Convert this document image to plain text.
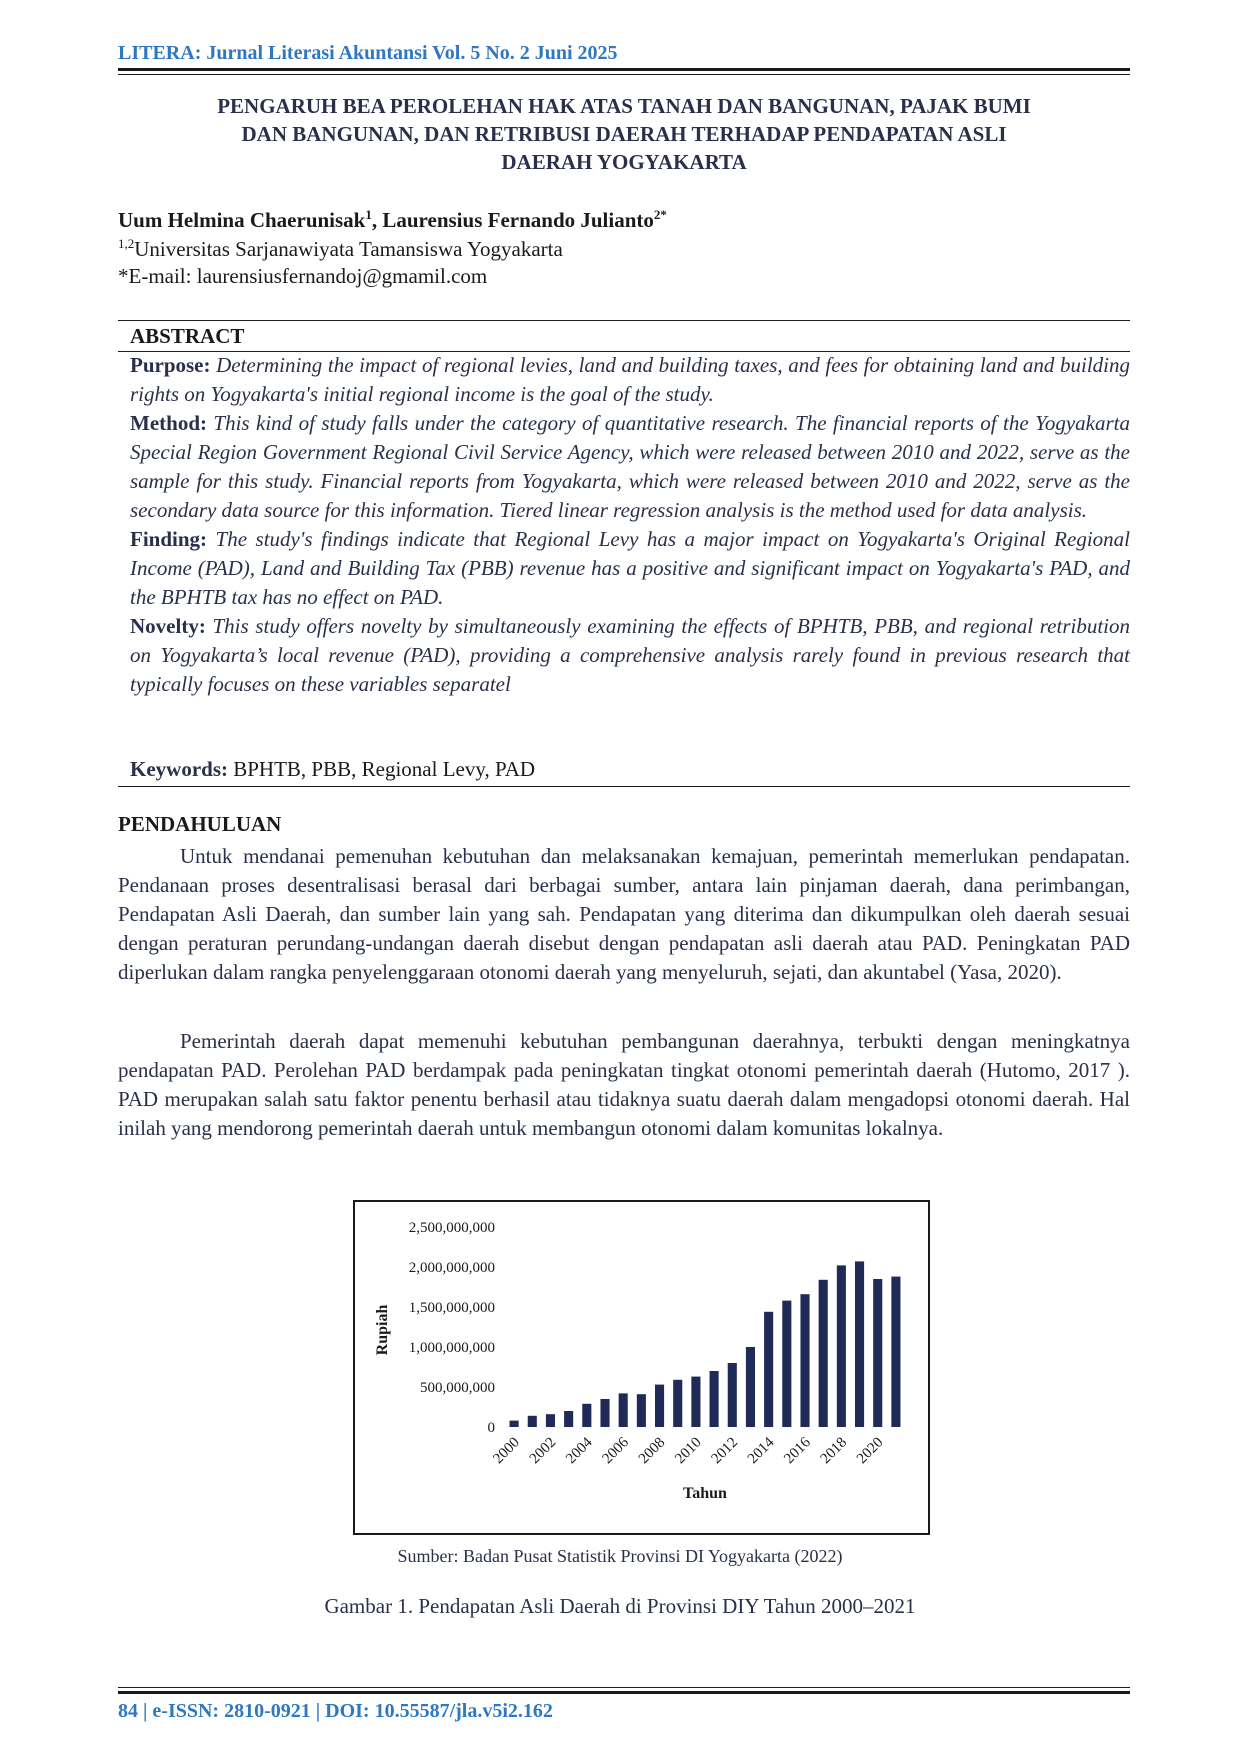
LITERA: Jurnal Literasi Akuntansi Vol. 5 No. 2 Juni 2025
PENGARUH BEA PEROLEHAN HAK ATAS TANAH DAN BANGUNAN, PAJAK BUMI
DAN BANGUNAN, DAN RETRIBUSI DAERAH TERHADAP PENDAPATAN ASLI
DAERAH YOGYAKARTA
Uum Helmina Chaerunisak$^1$, Laurensius Fernando Julianto$^{2*}$
$^{1,2}$Universitas Sarjanawiyata Tamansiswa Yogyakarta
*E-mail: laurensiusfernandoj@gmamil.com
ABSTRACT
Purpose: Determining the impact of regional levies, land and building taxes, and fees for obtaining land and building rights on Yogyakarta's initial regional income is the goal of the study.
Method: This kind of study falls under the category of quantitative research. The financial reports of the Yogyakarta Special Region Government Regional Civil Service Agency, which were released between 2010 and 2022, serve as the sample for this study. Financial reports from Yogyakarta, which were released between 2010 and 2022, serve as the secondary data source for this information. Tiered linear regression analysis is the method used for data analysis.
Finding: The study's findings indicate that Regional Levy has a major impact on Yogyakarta's Original Regional Income (PAD), Land and Building Tax (PBB) revenue has a positive and significant impact on Yogyakarta's PAD, and the BPHTB tax has no effect on PAD.
Novelty: This study offers novelty by simultaneously examining the effects of BPHTB, PBB, and regional retribution on Yogyakarta’s local revenue (PAD), providing a comprehensive analysis rarely found in previous research that typically focuses on these variables separatel
Keywords: BPHTB, PBB, Regional Levy, PAD
PENDAHULUAN
Untuk mendanai pemenuhan kebutuhan dan melaksanakan kemajuan, pemerintah memerlukan pendapatan. Pendanaan proses desentralisasi berasal dari berbagai sumber, antara lain pinjaman daerah, dana perimbangan, Pendapatan Asli Daerah, dan sumber lain yang sah. Pendapatan yang diterima dan dikumpulkan oleh daerah sesuai dengan peraturan perundang-undangan daerah disebut dengan pendapatan asli daerah atau PAD. Peningkatan PAD diperlukan dalam rangka penyelenggaraan otonomi daerah yang menyeluruh, sejati, dan akuntabel (Yasa, 2020).
Pemerintah daerah dapat memenuhi kebutuhan pembangunan daerahnya, terbukti dengan meningkatnya pendapatan PAD. Perolehan PAD berdampak pada peningkatan tingkat otonomi pemerintah daerah (Hutomo, 2017 ). PAD merupakan salah satu faktor penentu berhasil atau tidaknya suatu daerah dalam mengadopsi otonomi daerah. Hal inilah yang mendorong pemerintah daerah untuk membangun otonomi dalam komunitas lokalnya.
0
500,000,000
1,000,000,000
1,500,000,000
2,000,000,000
2,500,000,000
2000 2002 2004 2006 2008 2010 2012 2014 2016 2018 2020
Tahun
Rupiah
Sumber: Badan Pusat Statistik Provinsi DI Yogyakarta (2022)
Gambar 1. Pendapatan Asli Daerah di Provinsi DIY Tahun 2000–2021
84 | e-ISSN: 2810-0921 | DOI: 10.55587/jla.v5i2.162
